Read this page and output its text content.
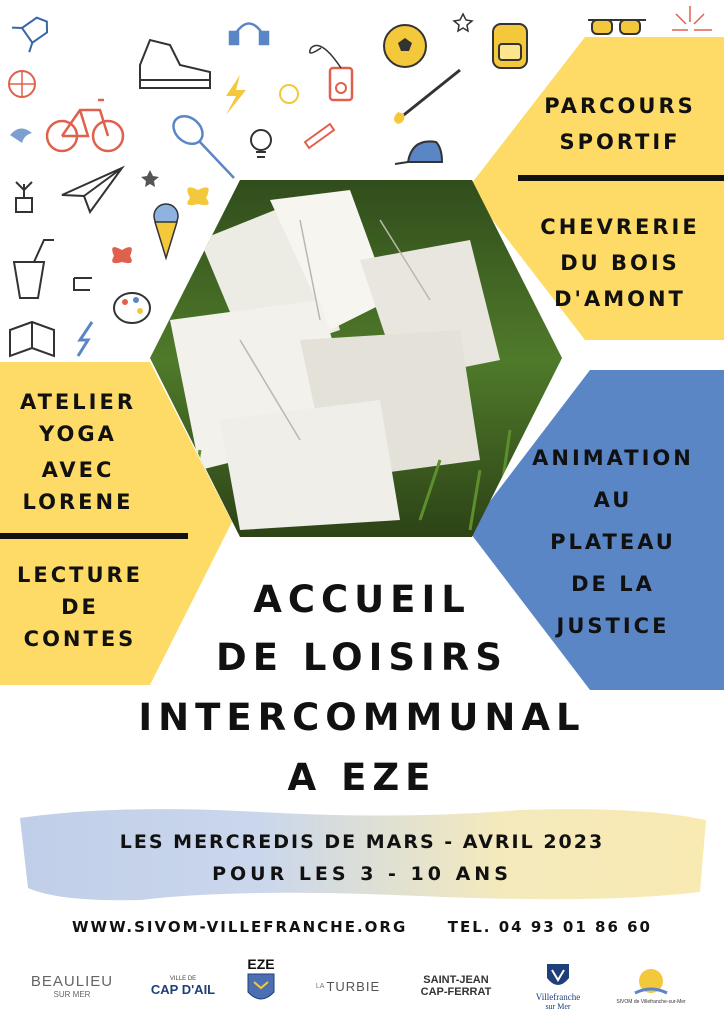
PARCOURS
SPORTIF
CHEVRERIE
DU BOIS
D'AMONT
ATELIER
YOGA
AVEC
LORENE
LECTURE
DE
CONTES
ANIMATION
AU
PLATEAU
DE LA
JUSTICE
ACCUEIL
DE LOISIRS
INTERCOMMUNAL
A EZE
LES MERCREDIS DE MARS - AVRIL 2023
POUR LES 3 - 10 ANS
WWW.SIVOM-VILLEFRANCHE.ORG	TEL. 04 93 01 86 60
BEAULIEU
SUR MER
VILLE DE
CAP D'AIL
EZE
LA TURBIE	SAINT-JEAN
CAP-FERRAT	Villefranche
sur Mer	SIVOM de Villefranche-sur-Mer
